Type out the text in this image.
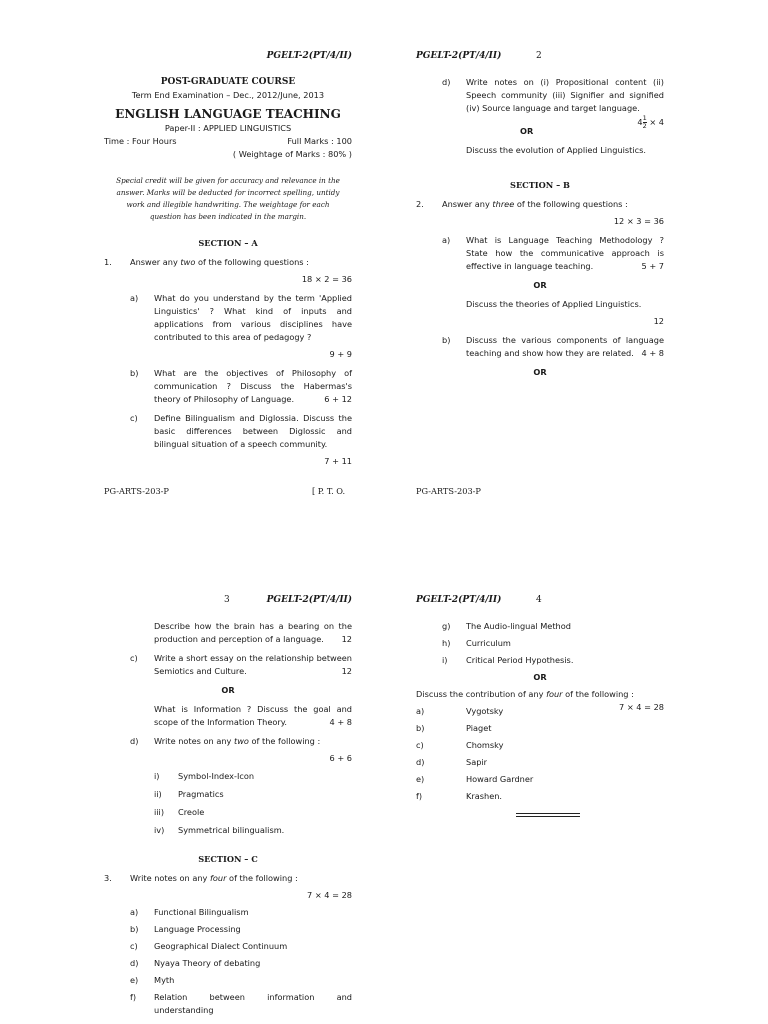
PGELT-2(PT/4/II)
POST-GRADUATE COURSE
Term End Examination – Dec., 2012/June, 2013
ENGLISH LANGUAGE TEACHING
Paper-II : APPLIED LINGUISTICS
Time : Four Hours	Full Marks : 100
( Weightage of Marks : 80% )
Special credit will be given for accuracy and relevance in the answer. Marks will be deducted for incorrect spelling, untidy work and illegible handwriting. The weightage for each question has been indicated in the margin.
SECTION – A
1. Answer any two of the following questions :
18 × 2 = 36
a) What do you understand by the term 'Applied Linguistics' ? What kind of inputs and applications from various disciplines have contributed to this area of pedagogy ?
9 + 9
b) What are the objectives of Philosophy of communication ? Discuss the Habermas's theory of Philosophy of Language.	6 + 12
c) Define Bilingualism and Diglossia. Discuss the basic differences between Diglossic and bilingual situation of a speech community.
7 + 11
PG-ARTS-203-P	[ P. T. O.
PGELT-2(PT/4/II)	2
d) Write notes on (i) Propositional content (ii) Speech community (iii) Signifier and signified (iv) Source language and target language.
$4 \frac{1}{2} \times 4$
OR
Discuss the evolution of Applied Linguistics.
SECTION – B
2. Answer any three of the following questions :
12 × 3 = 36
a) What is Language Teaching Methodology ? State how the communicative approach is effective in language teaching.	5 + 7
OR
Discuss the theories of Applied Linguistics.
12
b) Discuss the various components of language teaching and show how they are related. 4 + 8
OR
PG-ARTS-203-P
3	PGELT-2(PT/4/II)
Describe how the brain has a bearing on the production and perception of a language. 12
c) Write a short essay on the relationship between Semiotics and Culture.	12
OR
What is Information ? Discuss the goal and scope of the Information Theory.	4 + 8
d) Write notes on any two of the following :
6 + 6
i) Symbol-Index-Icon
ii) Pragmatics
iii) Creole
iv) Symmetrical bilingualism.
SECTION – C
3. Write notes on any four of the following :
7 × 4 = 28
a) Functional Bilingualism
b) Language Processing
c) Geographical Dialect Continuum
d) Nyaya Theory of debating
e) Myth
f) Relation between information and understanding
PGELT-2(PT/4/II)	4
g) The Audio-lingual Method
h) Curriculum
i) Critical Period Hypothesis.
OR
Discuss the contribution of any four of the following :
7 × 4 = 28
a)	Vygotsky
b)	Piaget
c)	Chomsky
d)	Sapir
e)	Howard Gardner
f)	Krashen.
